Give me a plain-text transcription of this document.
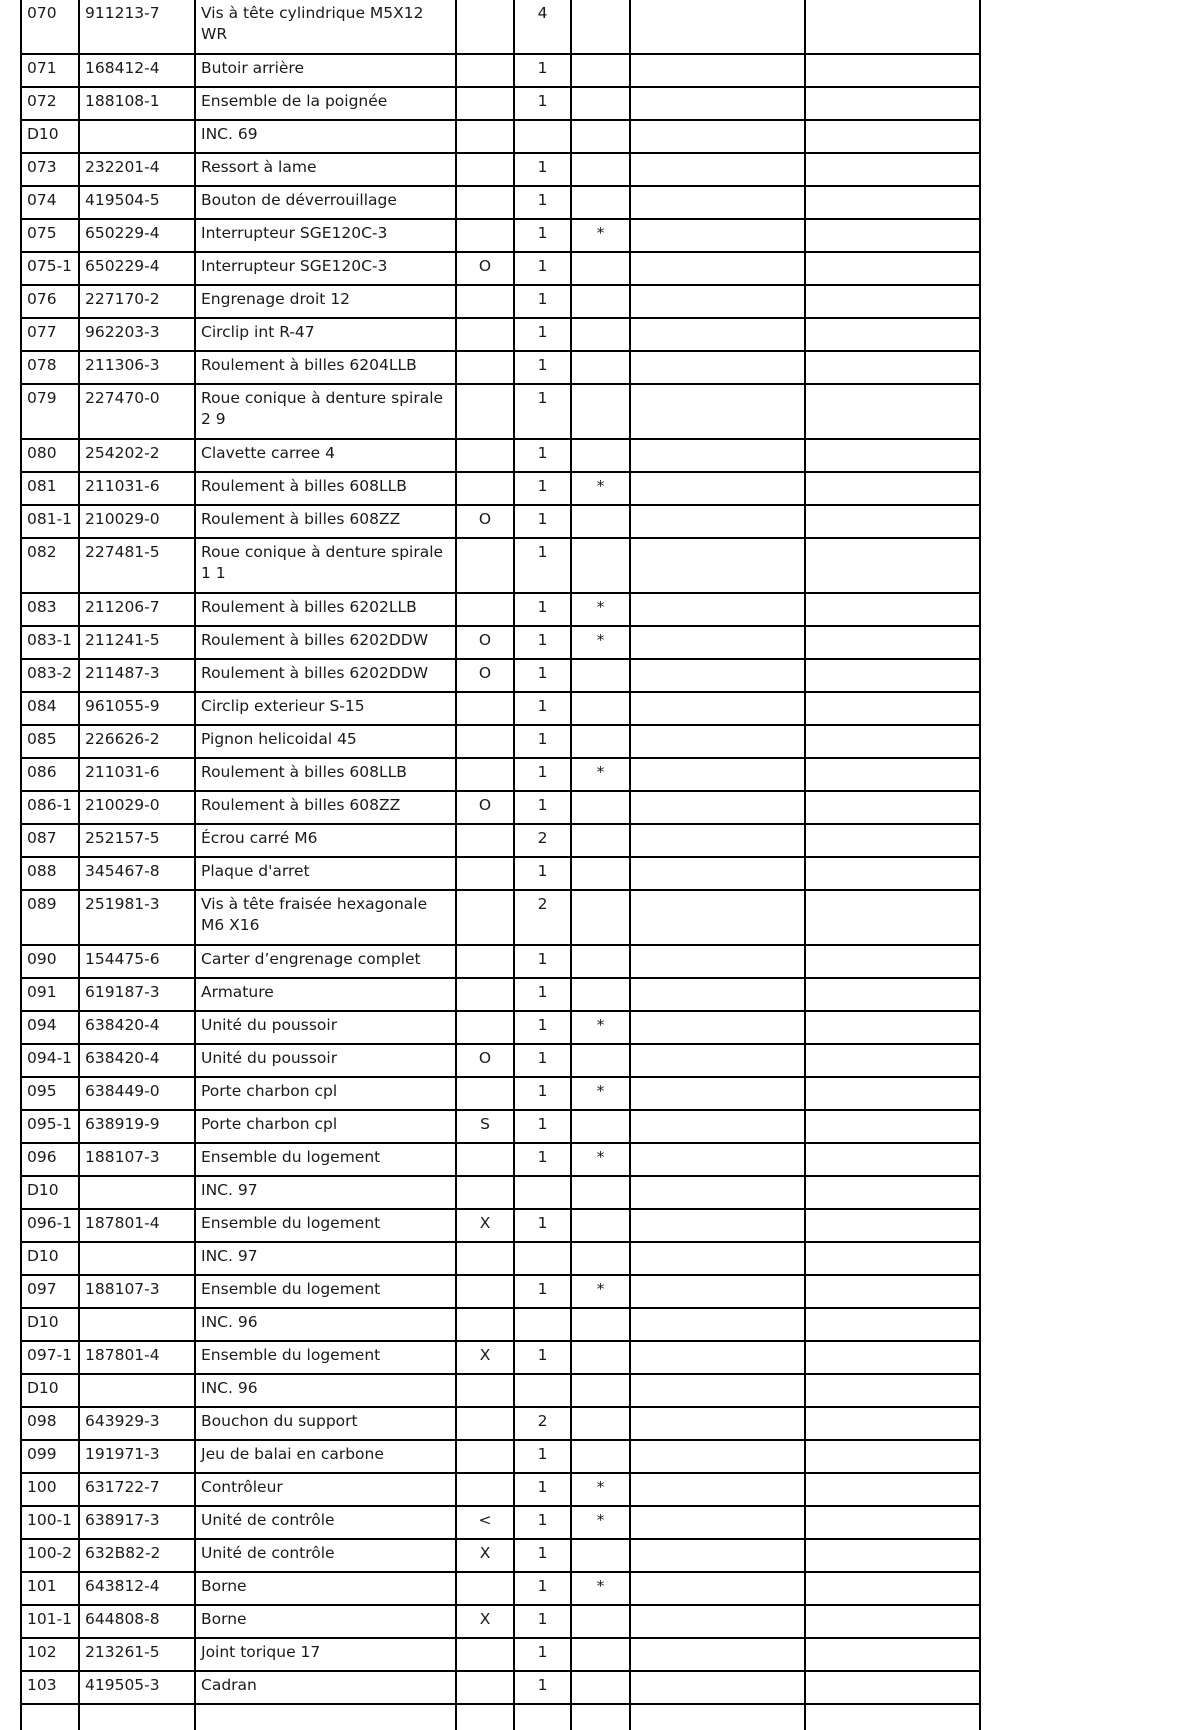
070	911213-7	Vis à tête cylindrique M5X12 WR		4			
071	168412-4	Butoir arrière		1			
072	188108-1	Ensemble de la poignée		1			
D10		INC. 69					
073	232201-4	Ressort à lame		1			
074	419504-5	Bouton de déverrouillage		1			
075	650229-4	Interrupteur SGE120C-3		1	*		
075-1	650229-4	Interrupteur SGE120C-3	O	1			
076	227170-2	Engrenage droit 12		1			
077	962203-3	Circlip int R-47		1			
078	211306-3	Roulement à billes 6204LLB		1			
079	227470-0	Roue conique à denture spirale 2 9		1			
080	254202-2	Clavette carree 4		1			
081	211031-6	Roulement à billes 608LLB		1	*		
081-1	210029-0	Roulement à billes 608ZZ	O	1			
082	227481-5	Roue conique à denture spirale 1 1		1			
083	211206-7	Roulement à billes 6202LLB		1	*		
083-1	211241-5	Roulement à billes 6202DDW	O	1	*		
083-2	211487-3	Roulement à billes 6202DDW	O	1			
084	961055-9	Circlip exterieur S-15		1			
085	226626-2	Pignon helicoidal 45		1			
086	211031-6	Roulement à billes 608LLB		1	*		
086-1	210029-0	Roulement à billes 608ZZ	O	1			
087	252157-5	Écrou carré M6		2			
088	345467-8	Plaque d'arret		1			
089	251981-3	Vis à tête fraisée hexagonale M6 X16		2			
090	154475-6	Carter d’engrenage complet		1			
091	619187-3	Armature		1			
094	638420-4	Unité du poussoir		1	*		
094-1	638420-4	Unité du poussoir	O	1			
095	638449-0	Porte charbon cpl		1	*		
095-1	638919-9	Porte charbon cpl	S	1			
096	188107-3	Ensemble du logement		1	*		
D10		INC. 97					
096-1	187801-4	Ensemble du logement	X	1			
D10		INC. 97					
097	188107-3	Ensemble du logement		1	*		
D10		INC. 96					
097-1	187801-4	Ensemble du logement	X	1			
D10		INC. 96					
098	643929-3	Bouchon du support		2			
099	191971-3	Jeu de balai en carbone		1			
100	631722-7	Contrôleur		1	*		
100-1	638917-3	Unité de contrôle	<	1	*		
100-2	632B82-2	Unité de contrôle	X	1			
101	643812-4	Borne		1	*		
101-1	644808-8	Borne	X	1			
102	213261-5	Joint torique 17		1			
103	419505-3	Cadran		1			
